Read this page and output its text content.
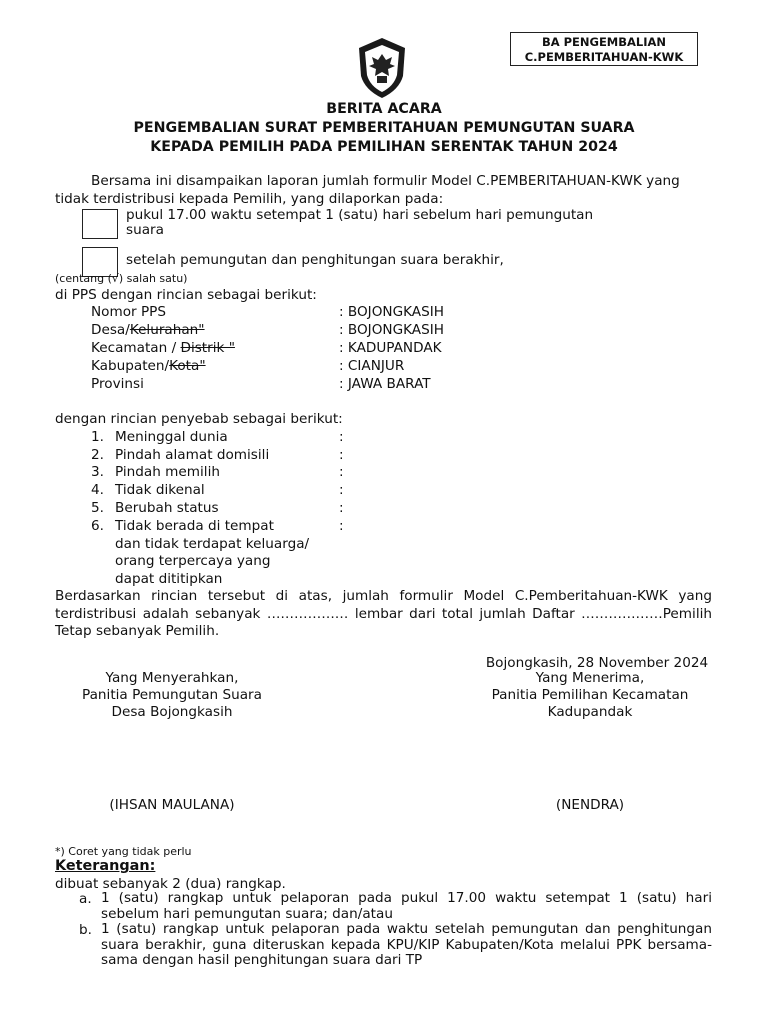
BA PENGEMBALIAN
C.PEMBERITAHUAN-KWK
BERITA ACARA
PENGEMBALIAN SURAT PEMBERITAHUAN PEMUNGUTAN SUARA
KEPADA PEMILIH PADA PEMILIHAN SERENTAK TAHUN 2024
Bersama ini disampaikan laporan jumlah formulir Model C.PEMBERITAHUAN-KWK yang
tidak terdistribusi kepada Pemilih, yang dilaporkan pada:
pukul 17.00 waktu setempat 1 (satu) hari sebelum hari pemungutan
suara
setelah pemungutan dan penghitungan suara berakhir,
(centang (√) salah satu)
di PPS dengan rincian sebagai berikut:
Nomor PPS	: BOJONGKASIH
Desa/Kelurahan"	: BOJONGKASIH
Kecamatan / Distrik "	: KADUPANDAK
Kabupaten/Kota"	: CIANJUR
Provinsi	: JAWA BARAT
dengan rincian penyebab sebagai berikut:
1. Meninggal dunia	:
2. Pindah alamat domisili	:
3. Pindah memilih	:
4. Tidak dikenal	:
5. Berubah status	:
6. Tidak berada di tempat	:
dan tidak terdapat keluarga/
orang terpercaya yang
dapat dititipkan
Berdasarkan rincian tersebut di atas, jumlah formulir Model C.Pemberitahuan-KWK yang terdistribusi adalah sebanyak ……………… lembar dari total jumlah Daftar ………………Pemilih Tetap sebanyak Pemilih.
Bojongkasih, 28 November 2024
Yang Menyerahkan,
Panitia Pemungutan Suara
Desa Bojongkasih
Yang Menerima,
Panitia Pemilihan Kecamatan
Kadupandak
(IHSAN MAULANA)	(NENDRA)
*) Coret yang tidak perlu
Keterangan:
dibuat sebanyak 2 (dua) rangkap.
a. 1 (satu) rangkap untuk pelaporan pada pukul 17.00 waktu setempat 1 (satu) hari sebelum hari pemungutan suara; dan/atau
b. 1 (satu) rangkap untuk pelaporan pada waktu setelah pemungutan dan penghitungan suara berakhir, guna diteruskan kepada KPU/KIP Kabupaten/Kota melalui PPK bersama-sama dengan hasil penghitungan suara dari TP
